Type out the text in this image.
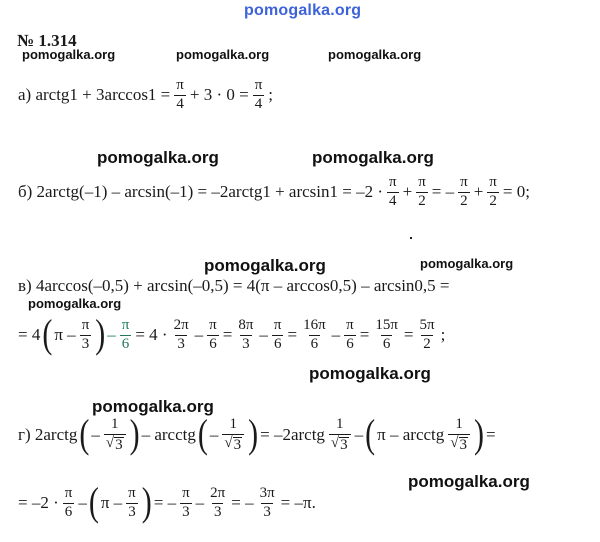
pomogalka.org
pomogalka.org	pomogalka.org	pomogalka.org
pomogalka.org	pomogalka.org
pomogalka.org	pomogalka.org
pomogalka.org
pomogalka.org
pomogalka.org
pomogalka.org
№ 1.314
а) arctg1 + $3\arccos 1 = \frac{\pi}{4} + 3 \cdot 0 = \frac{\pi}{4}$ ;
б) 2arctg(–1) – arcsin(–1) = –2arctg1 + $\arcsin 1 = -2 \cdot \frac{\pi}{4} + \frac{\pi}{2}$ = – $\frac{\pi}{2} + \frac{\pi}{2} = 0$;
в) 4arccos(–0,5) + arcsin(–0,5) = 4(π – arccos0,5) – arcsin0,5 =
= 4 ( π – $\frac{\pi}{3}$ ) – $\frac{\pi}{6} = 4 \cdot \frac{2\pi}{3} - \frac{\pi}{6} = \frac{8\pi}{3} - \frac{\pi}{6} = \frac{16\pi}{6} - \frac{\pi}{6} = \frac{15\pi}{6} = \frac{5\pi}{2}$ ;
г) 2arctg ( – $\frac{1}{√ 3}$ ) – arcctg ( – $\frac{1}{√ 3}$ ) = –2arctg $\frac{1}{√ 3}$ – ( π – arcctg $\frac{1}{√ 3}$ ) =
= $-2 \cdot \frac{\pi}{6}$ – ( π – $\frac{\pi}{3}$ ) = – $\frac{\pi}{3} - \frac{2\pi}{3}$ = – $\frac{3\pi}{3} = -\pi$.
